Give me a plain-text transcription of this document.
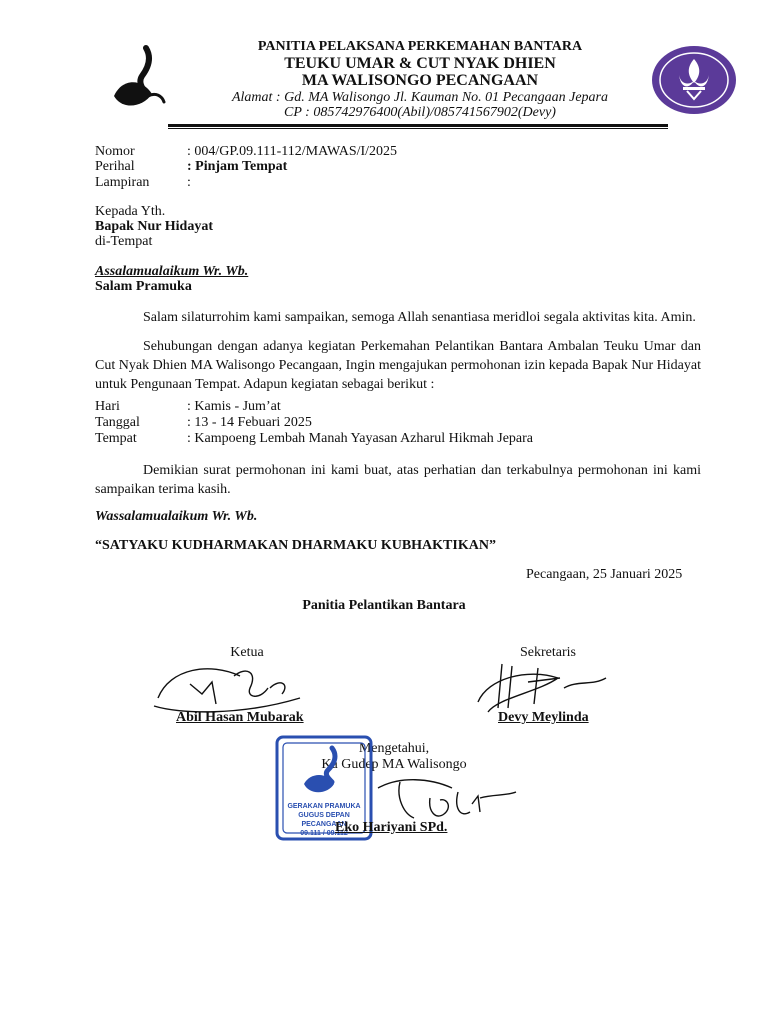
PANITIA PELAKSANA PERKEMAHAN BANTARA
TEUKU UMAR & CUT NYAK DHIEN
MA WALISONGO PECANGAAN
Alamat : Gd. MA Walisongo Jl. Kauman No. 01 Pecangaan Jepara
CP : 085742976400(Abil)/085741567902(Devy)
Nomor	: 004/GP.09.111-112/MAWAS/I/2025
Perihal	: Pinjam Tempat
Lampiran	:
Kepada Yth.
Bapak Nur Hidayat
di-Tempat
Assalamualaikum Wr. Wb.
Salam Pramuka
Salam silaturrohim kami sampaikan, semoga Allah senantiasa meridloi segala aktivitas kita. Amin.
Sehubungan dengan adanya kegiatan Perkemahan Pelantikan Bantara Ambalan Teuku Umar dan Cut Nyak Dhien MA Walisongo Pecangaan, Ingin mengajukan permohonan izin kepada Bapak Nur Hidayat untuk Pengunaan Tempat. Adapun kegiatan sebagai berikut :
Hari	: Kamis - Jum’at
Tanggal	: 13 - 14 Febuari 2025
Tempat	: Kampoeng Lembah Manah Yayasan Azharul Hikmah Jepara
Demikian surat permohonan ini kami buat, atas perhatian dan terkabulnya permohonan ini kami sampaikan terima kasih.
Wassalamualaikum Wr. Wb.
“SATYAKU KUDHARMAKAN DHARMAKU KUBHAKTIKAN”
Pecangaan, 25 Januari 2025
Panitia Pelantikan Bantara
Ketua
Abil Hasan Mubarak
Sekretaris
Devy Meylinda
Mengetahui,
Ka Gudep MA Walisongo
GERAKAN PRAMUKA
GUGUS DEPAN
PECANGAAN
09.111 / 09.112
Eko Hariyani SPd.
